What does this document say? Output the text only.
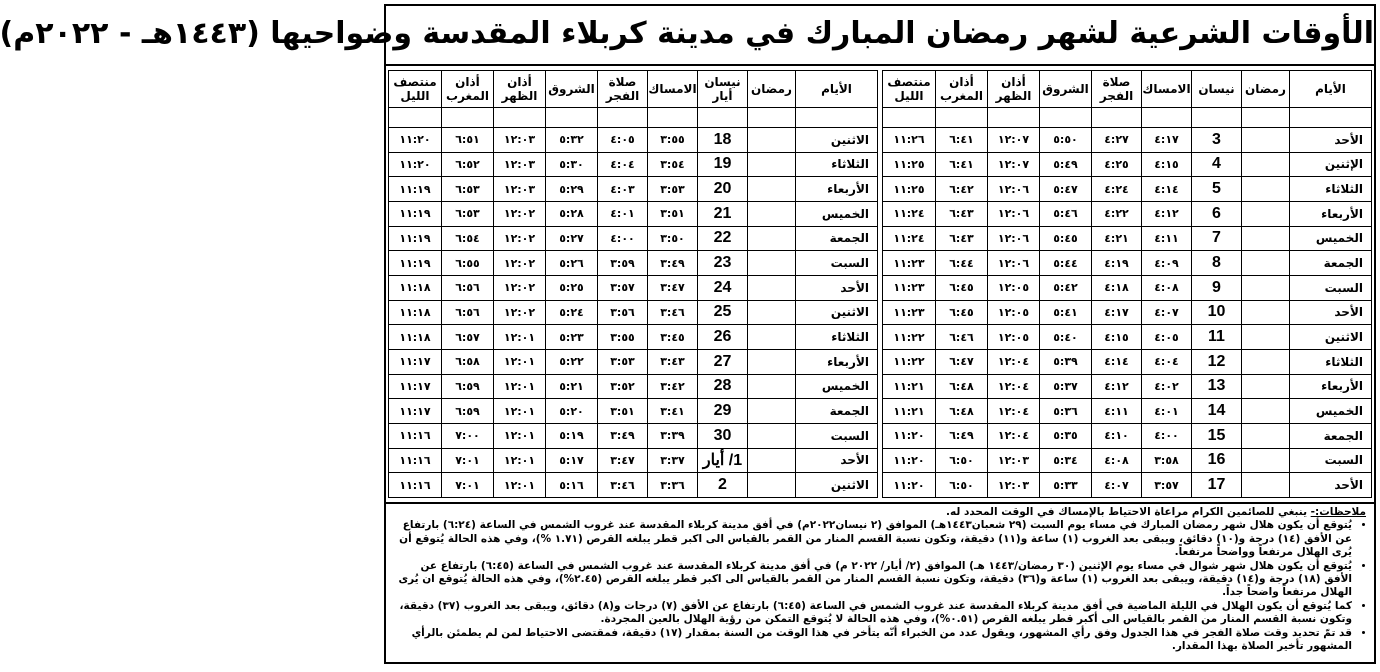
الأوقات الشرعية لشهر رمضان المبارك في مدينة كربلاء المقدسة وضواحيها (١٤٤٣هـ - ٢٠٢٢م)
الأيام	رمضان	نيسان	الامساك	صلاة الفجر	الشروق	أذان الظهر	أذان المغرب	منتصف الليل

الأحد		3	٤:١٧	٤:٢٧	٥:٥٠	١٢:٠٧	٦:٤١	١١:٢٦
الإثنين		4	٤:١٥	٤:٢٥	٥:٤٩	١٢:٠٧	٦:٤١	١١:٢٥
الثلاثاء		5	٤:١٤	٤:٢٤	٥:٤٧	١٢:٠٦	٦:٤٢	١١:٢٥
الأربعاء		6	٤:١٢	٤:٢٢	٥:٤٦	١٢:٠٦	٦:٤٣	١١:٢٤
الخميس		7	٤:١١	٤:٢١	٥:٤٥	١٢:٠٦	٦:٤٣	١١:٢٤
الجمعة		8	٤:٠٩	٤:١٩	٥:٤٤	١٢:٠٦	٦:٤٤	١١:٢٣
السبت		9	٤:٠٨	٤:١٨	٥:٤٢	١٢:٠٥	٦:٤٥	١١:٢٣
الأحد		10	٤:٠٧	٤:١٧	٥:٤١	١٢:٠٥	٦:٤٥	١١:٢٣
الاثنين		11	٤:٠٥	٤:١٥	٥:٤٠	١٢:٠٥	٦:٤٦	١١:٢٢
الثلاثاء		12	٤:٠٤	٤:١٤	٥:٣٩	١٢:٠٤	٦:٤٧	١١:٢٢
الأربعاء		13	٤:٠٢	٤:١٢	٥:٣٧	١٢:٠٤	٦:٤٨	١١:٢١
الخميس		14	٤:٠١	٤:١١	٥:٣٦	١٢:٠٤	٦:٤٨	١١:٢١
الجمعة		15	٤:٠٠	٤:١٠	٥:٣٥	١٢:٠٤	٦:٤٩	١١:٢٠
السبت		16	٣:٥٨	٤:٠٨	٥:٣٤	١٢:٠٣	٦:٥٠	١١:٢٠
الأحد		17	٣:٥٧	٤:٠٧	٥:٣٣	١٢:٠٣	٦:٥٠	١١:٢٠
الأيام	رمضان	نيسان أيار	الامساك	صلاة الفجر	الشروق	أذان الظهر	أذان المغرب	منتصف الليل

الاثنين		18	٣:٥٥	٤:٠٥	٥:٣٢	١٢:٠٣	٦:٥١	١١:٢٠
الثلاثاء		19	٣:٥٤	٤:٠٤	٥:٣٠	١٢:٠٣	٦:٥٢	١١:٢٠
الأربعاء		20	٣:٥٣	٤:٠٣	٥:٢٩	١٢:٠٣	٦:٥٣	١١:١٩
الخميس		21	٣:٥١	٤:٠١	٥:٢٨	١٢:٠٢	٦:٥٣	١١:١٩
الجمعة		22	٣:٥٠	٤:٠٠	٥:٢٧	١٢:٠٢	٦:٥٤	١١:١٩
السبت		23	٣:٤٩	٣:٥٩	٥:٢٦	١٢:٠٢	٦:٥٥	١١:١٩
الأحد		24	٣:٤٧	٣:٥٧	٥:٢٥	١٢:٠٢	٦:٥٦	١١:١٨
الاثنين		25	٣:٤٦	٣:٥٦	٥:٢٤	١٢:٠٢	٦:٥٦	١١:١٨
الثلاثاء		26	٣:٤٥	٣:٥٥	٥:٢٣	١٢:٠١	٦:٥٧	١١:١٨
الأربعاء		27	٣:٤٣	٣:٥٣	٥:٢٢	١٢:٠١	٦:٥٨	١١:١٧
الخميس		28	٣:٤٢	٣:٥٢	٥:٢١	١٢:٠١	٦:٥٩	١١:١٧
الجمعة		29	٣:٤١	٣:٥١	٥:٢٠	١٢:٠١	٦:٥٩	١١:١٧
السبت		30	٣:٣٩	٣:٤٩	٥:١٩	١٢:٠١	٧:٠٠	١١:١٦
الأحد		1/ أيار	٣:٣٧	٣:٤٧	٥:١٧	١٢:٠١	٧:٠١	١١:١٦
الاثنين		2	٣:٣٦	٣:٤٦	٥:١٦	١٢:٠١	٧:٠١	١١:١٦

ملاحظات:- ينبغي للصائمين الكرام مراعاة الاحتياط بالإمساك في الوقت المحدد له.

• يُتوقع أن يكون هلال شهر رمضان المبارك في مساء يوم السبت (٢٩ شعبان١٤٤٣هـ) الموافق (٢ نيسان٢٠٢٢م) في أفق مدينة كربلاء المقدسة عند غروب الشمس في الساعة (٦:٢٤) بارتفاع عن الأفق (١٤) درجة و(١٠) دقائق، ويبقى بعد الغروب (١) ساعة و(١١) دقيقة، وتكون نسبة القسم المنار من القمر بالقياس الى اكبر قطر يبلغه القرص (١.٧١ %)، وفي هذه الحالة يُتوقع أن يُرى الهلال مرتفعاً وواضحاً مرتفعاً.
• يُتوقع أن يكون هلال شهر شوال في مساء يوم الإثنين (٣٠ رمضان/١٤٤٣ هـ) الموافق (٢/ أيار/ ٢٠٢٢ م) في أفق مدينة كربلاء المقدسة عند غروب الشمس في الساعة (٦:٤٥) بارتفاع عن الأفق (١٨) درجة و(١٤) دقيقة، ويبقى بعد الغروب (١) ساعة و(٣٦) دقيقة، وتكون نسبة القسم المنار من القمر بالقياس الى اكبر قطر يبلغه القرص (٢.٤٥%)، وفي هذه الحالة يُتوقع ان يُرى الهلال مرتفعاً واضحاً جداً.
• كما يُتوقع أن يكون الهلال في الليلة الماضية في أفق مدينة كربلاء المقدسة عند غروب الشمس في الساعة (٦:٤٥) بارتفاع عن الأفق (٧) درجات و(٨) دقائق، ويبقى بعد الغروب (٣٧) دقيقة، وتكون نسبة القسم المنار من القمر بالقياس الى أكبر قطر يبلغه القرص (٠.٥١%)، وفي هذه الحالة لا يُتوقع التمكن من رؤية الهلال بالعين المجردة.
• قد تمّ تحديد وقت صلاة الفجر في هذا الجدول وفق رأي المشهور، ويقول عدد من الخبراء أنّه يتأخر في هذا الوقت من السنة بمقدار (١٧) دقيقة، فمقتضى الاحتياط لمن لم يطمئن بالرأي المشهور تأخير الصلاة بهذا المقدار.
